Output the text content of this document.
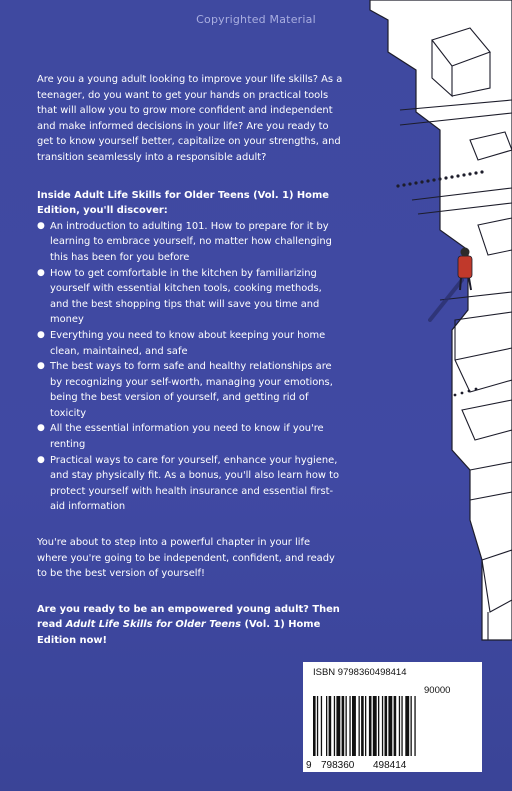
Copyrighted Material

Are you a young adult looking to improve your life skills? As a teenager, do you want to get your hands on practical tools that will allow you to grow more confident and independent and make informed decisions in your life? Are you ready to get to know yourself better, capitalize on your strengths, and transition seamlessly into a responsible adult?

Inside Adult Life Skills for Older Teens (Vol. 1) Home Edition, you'll discover:

● An introduction to adulting 101. How to prepare for it by learning to embrace yourself, no matter how challenging this has been for you before
● How to get comfortable in the kitchen by familiarizing yourself with essential kitchen tools, cooking methods, and the best shopping tips that will save you time and money
● Everything you need to know about keeping your home clean, maintained, and safe
● The best ways to form safe and healthy relationships are by recognizing your self-worth, managing your emotions, being the best version of yourself, and getting rid of toxicity
● All the essential information you need to know if you're renting
● Practical ways to care for yourself, enhance your hygiene, and stay physically fit. As a bonus, you'll also learn how to protect yourself with health insurance and essential first-aid information

You're about to step into a powerful chapter in your life where you're going to be independent, confident, and ready to be the best version of yourself!

Are you ready to be an empowered young adult? Then read Adult Life Skills for Older Teens (Vol. 1) Home Edition now!

ISBN 9798360498414
90000
9 798360 498414
